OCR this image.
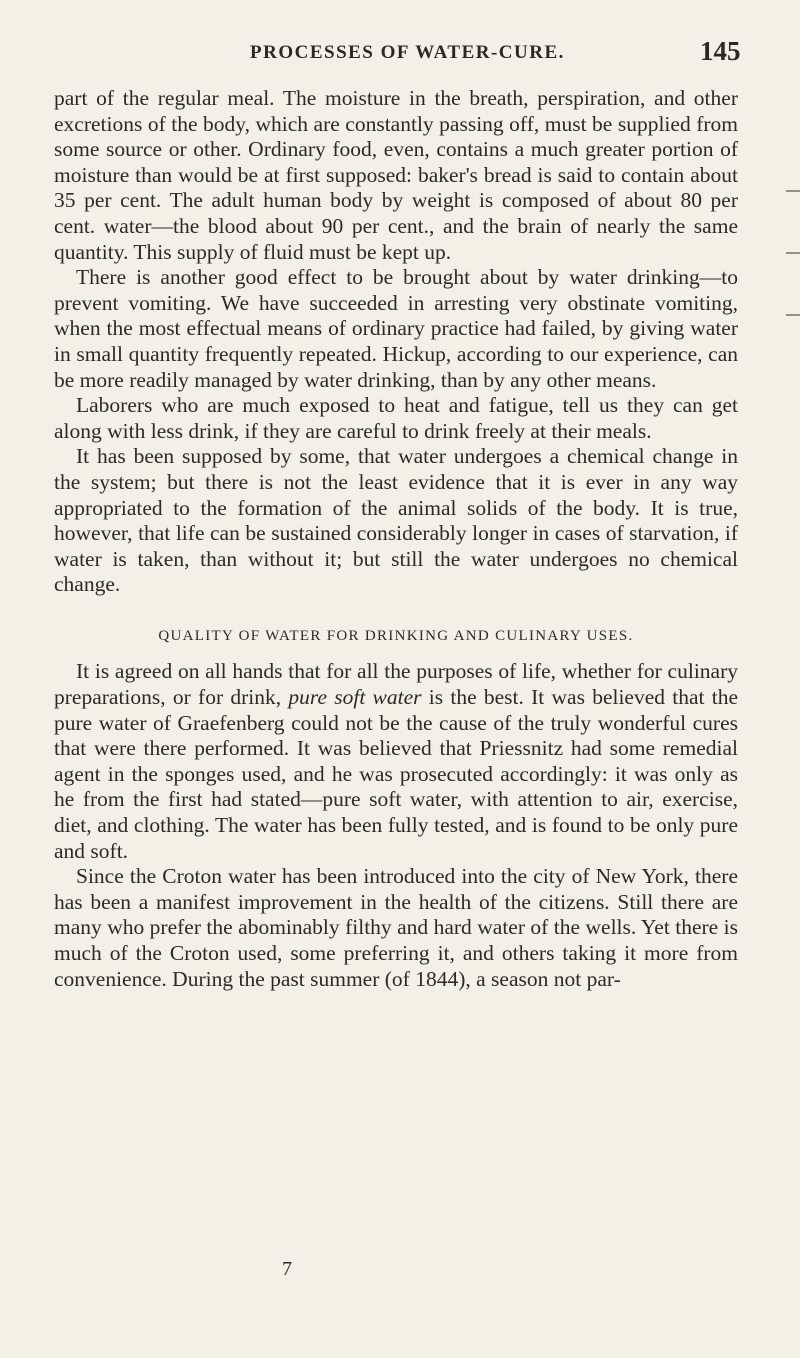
PROCESSES OF WATER-CURE.	145

part of the regular meal. The moisture in the breath, perspiration, and other excretions of the body, which are constantly passing off, must be supplied from some source or other. Ordinary food, even, contains a much greater portion of moisture than would be at first supposed: baker's bread is said to contain about 35 per cent. The adult human body by weight is composed of about 80 per cent. water—the blood about 90 per cent., and the brain of nearly the same quantity. This supply of fluid must be kept up.

There is another good effect to be brought about by water drinking—to prevent vomiting. We have succeeded in arresting very obstinate vomiting, when the most effectual means of ordinary practice had failed, by giving water in small quantity frequently repeated. Hickup, according to our experience, can be more readily managed by water drinking, than by any other means.

Laborers who are much exposed to heat and fatigue, tell us they can get along with less drink, if they are careful to drink freely at their meals.

It has been supposed by some, that water undergoes a chemical change in the system; but there is not the least evidence that it is ever in any way appropriated to the formation of the animal solids of the body. It is true, however, that life can be sustained considerably longer in cases of starvation, if water is taken, than without it; but still the water undergoes no chemical change.

QUALITY OF WATER FOR DRINKING AND CULINARY USES.

It is agreed on all hands that for all the purposes of life, whether for culinary preparations, or for drink, pure soft water is the best. It was believed that the pure water of Graefenberg could not be the cause of the truly wonderful cures that were there performed. It was believed that Priessnitz had some remedial agent in the sponges used, and he was prosecuted accordingly: it was only as he from the first had stated—pure soft water, with attention to air, exercise, diet, and clothing. The water has been fully tested, and is found to be only pure and soft.

Since the Croton water has been introduced into the city of New York, there has been a manifest improvement in the health of the citizens. Still there are many who prefer the abominably filthy and hard water of the wells. Yet there is much of the Croton used, some preferring it, and others taking it more from convenience. During the past summer (of 1844), a season not par-

7
